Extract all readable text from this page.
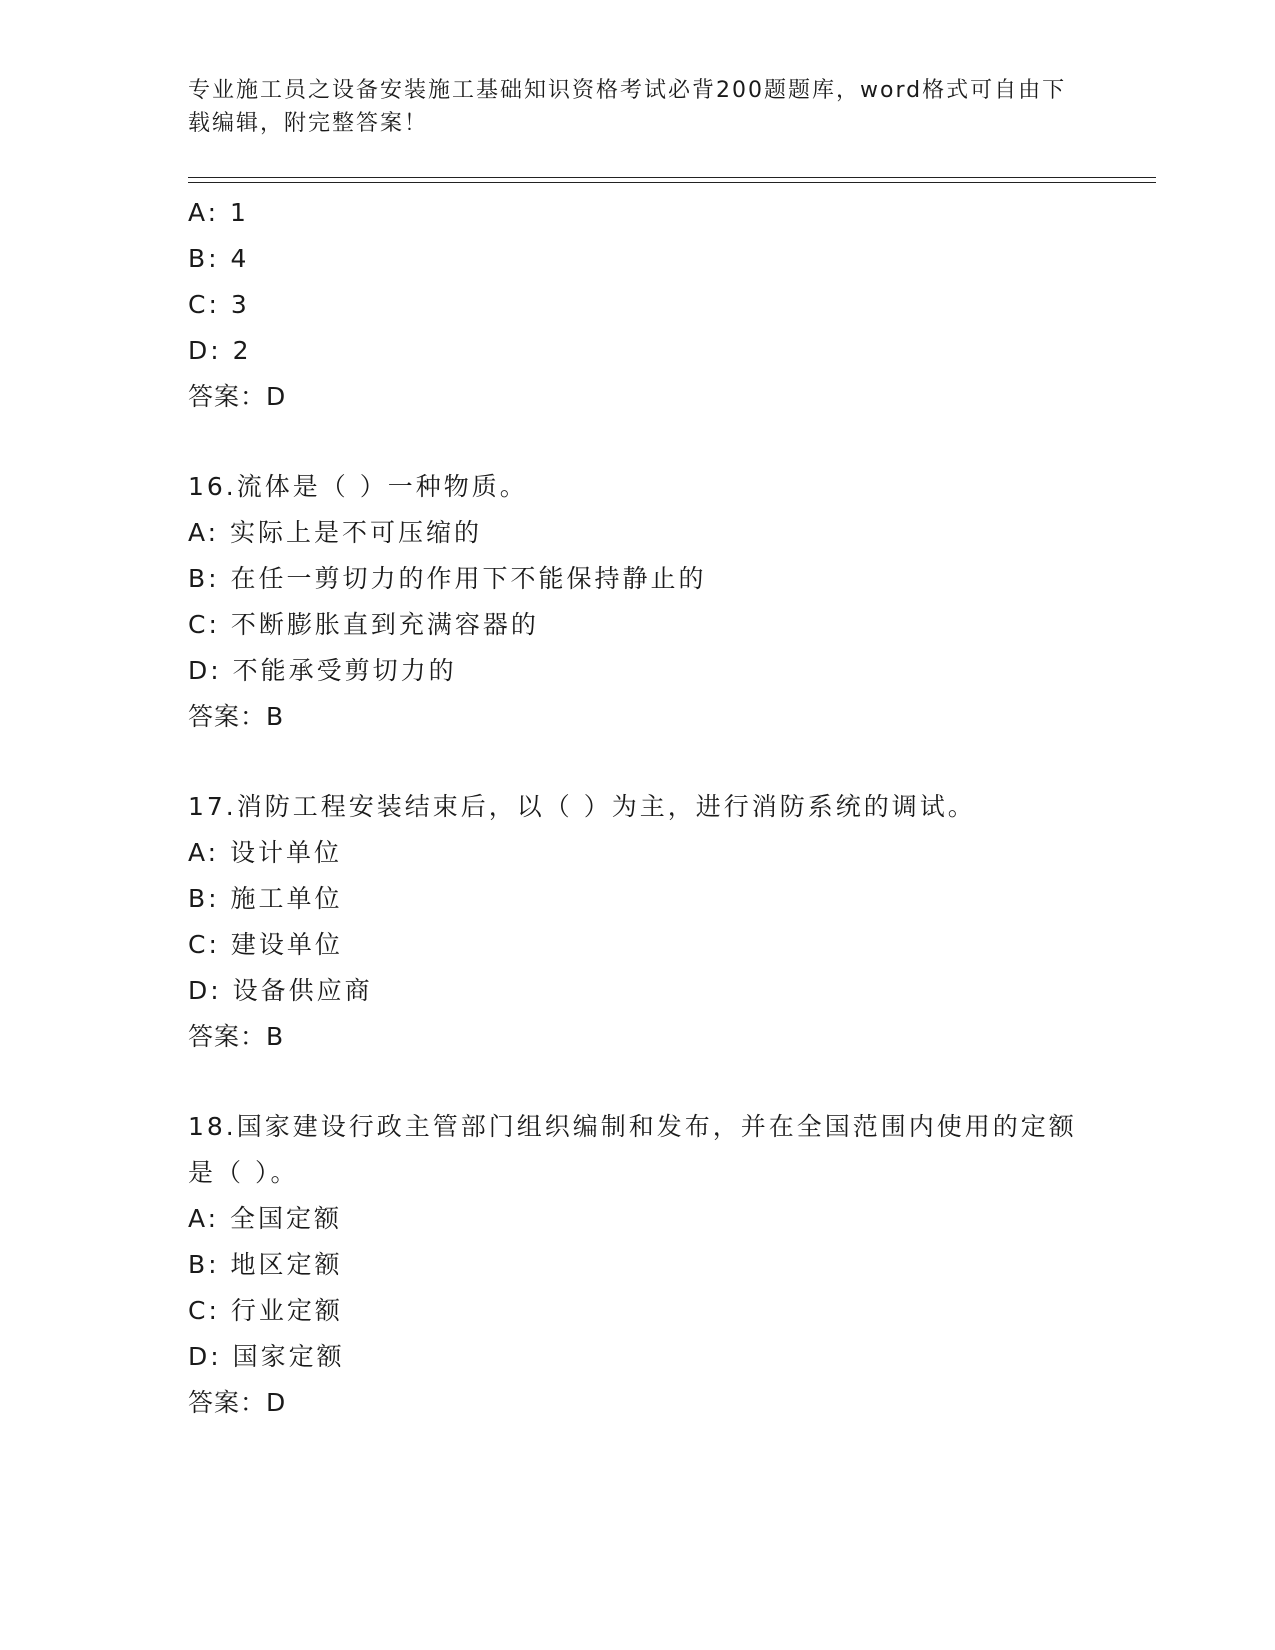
专业施工员之设备安装施工基础知识资格考试必背200题题库，word格式可自由下载编辑，附完整答案！
A: 1
B: 4
C: 3
D: 2
答案：D
16.流体是（ ）一种物质。
A: 实际上是不可压缩的
B: 在任一剪切力的作用下不能保持静止的
C: 不断膨胀直到充满容器的
D: 不能承受剪切力的
答案：B
17.消防工程安装结束后，以（ ）为主，进行消防系统的调试。
A: 设计单位
B: 施工单位
C: 建设单位
D: 设备供应商
答案：B
18.国家建设行政主管部门组织编制和发布，并在全国范围内使用的定额是（ ）。
A: 全国定额
B: 地区定额
C: 行业定额
D: 国家定额
答案：D
